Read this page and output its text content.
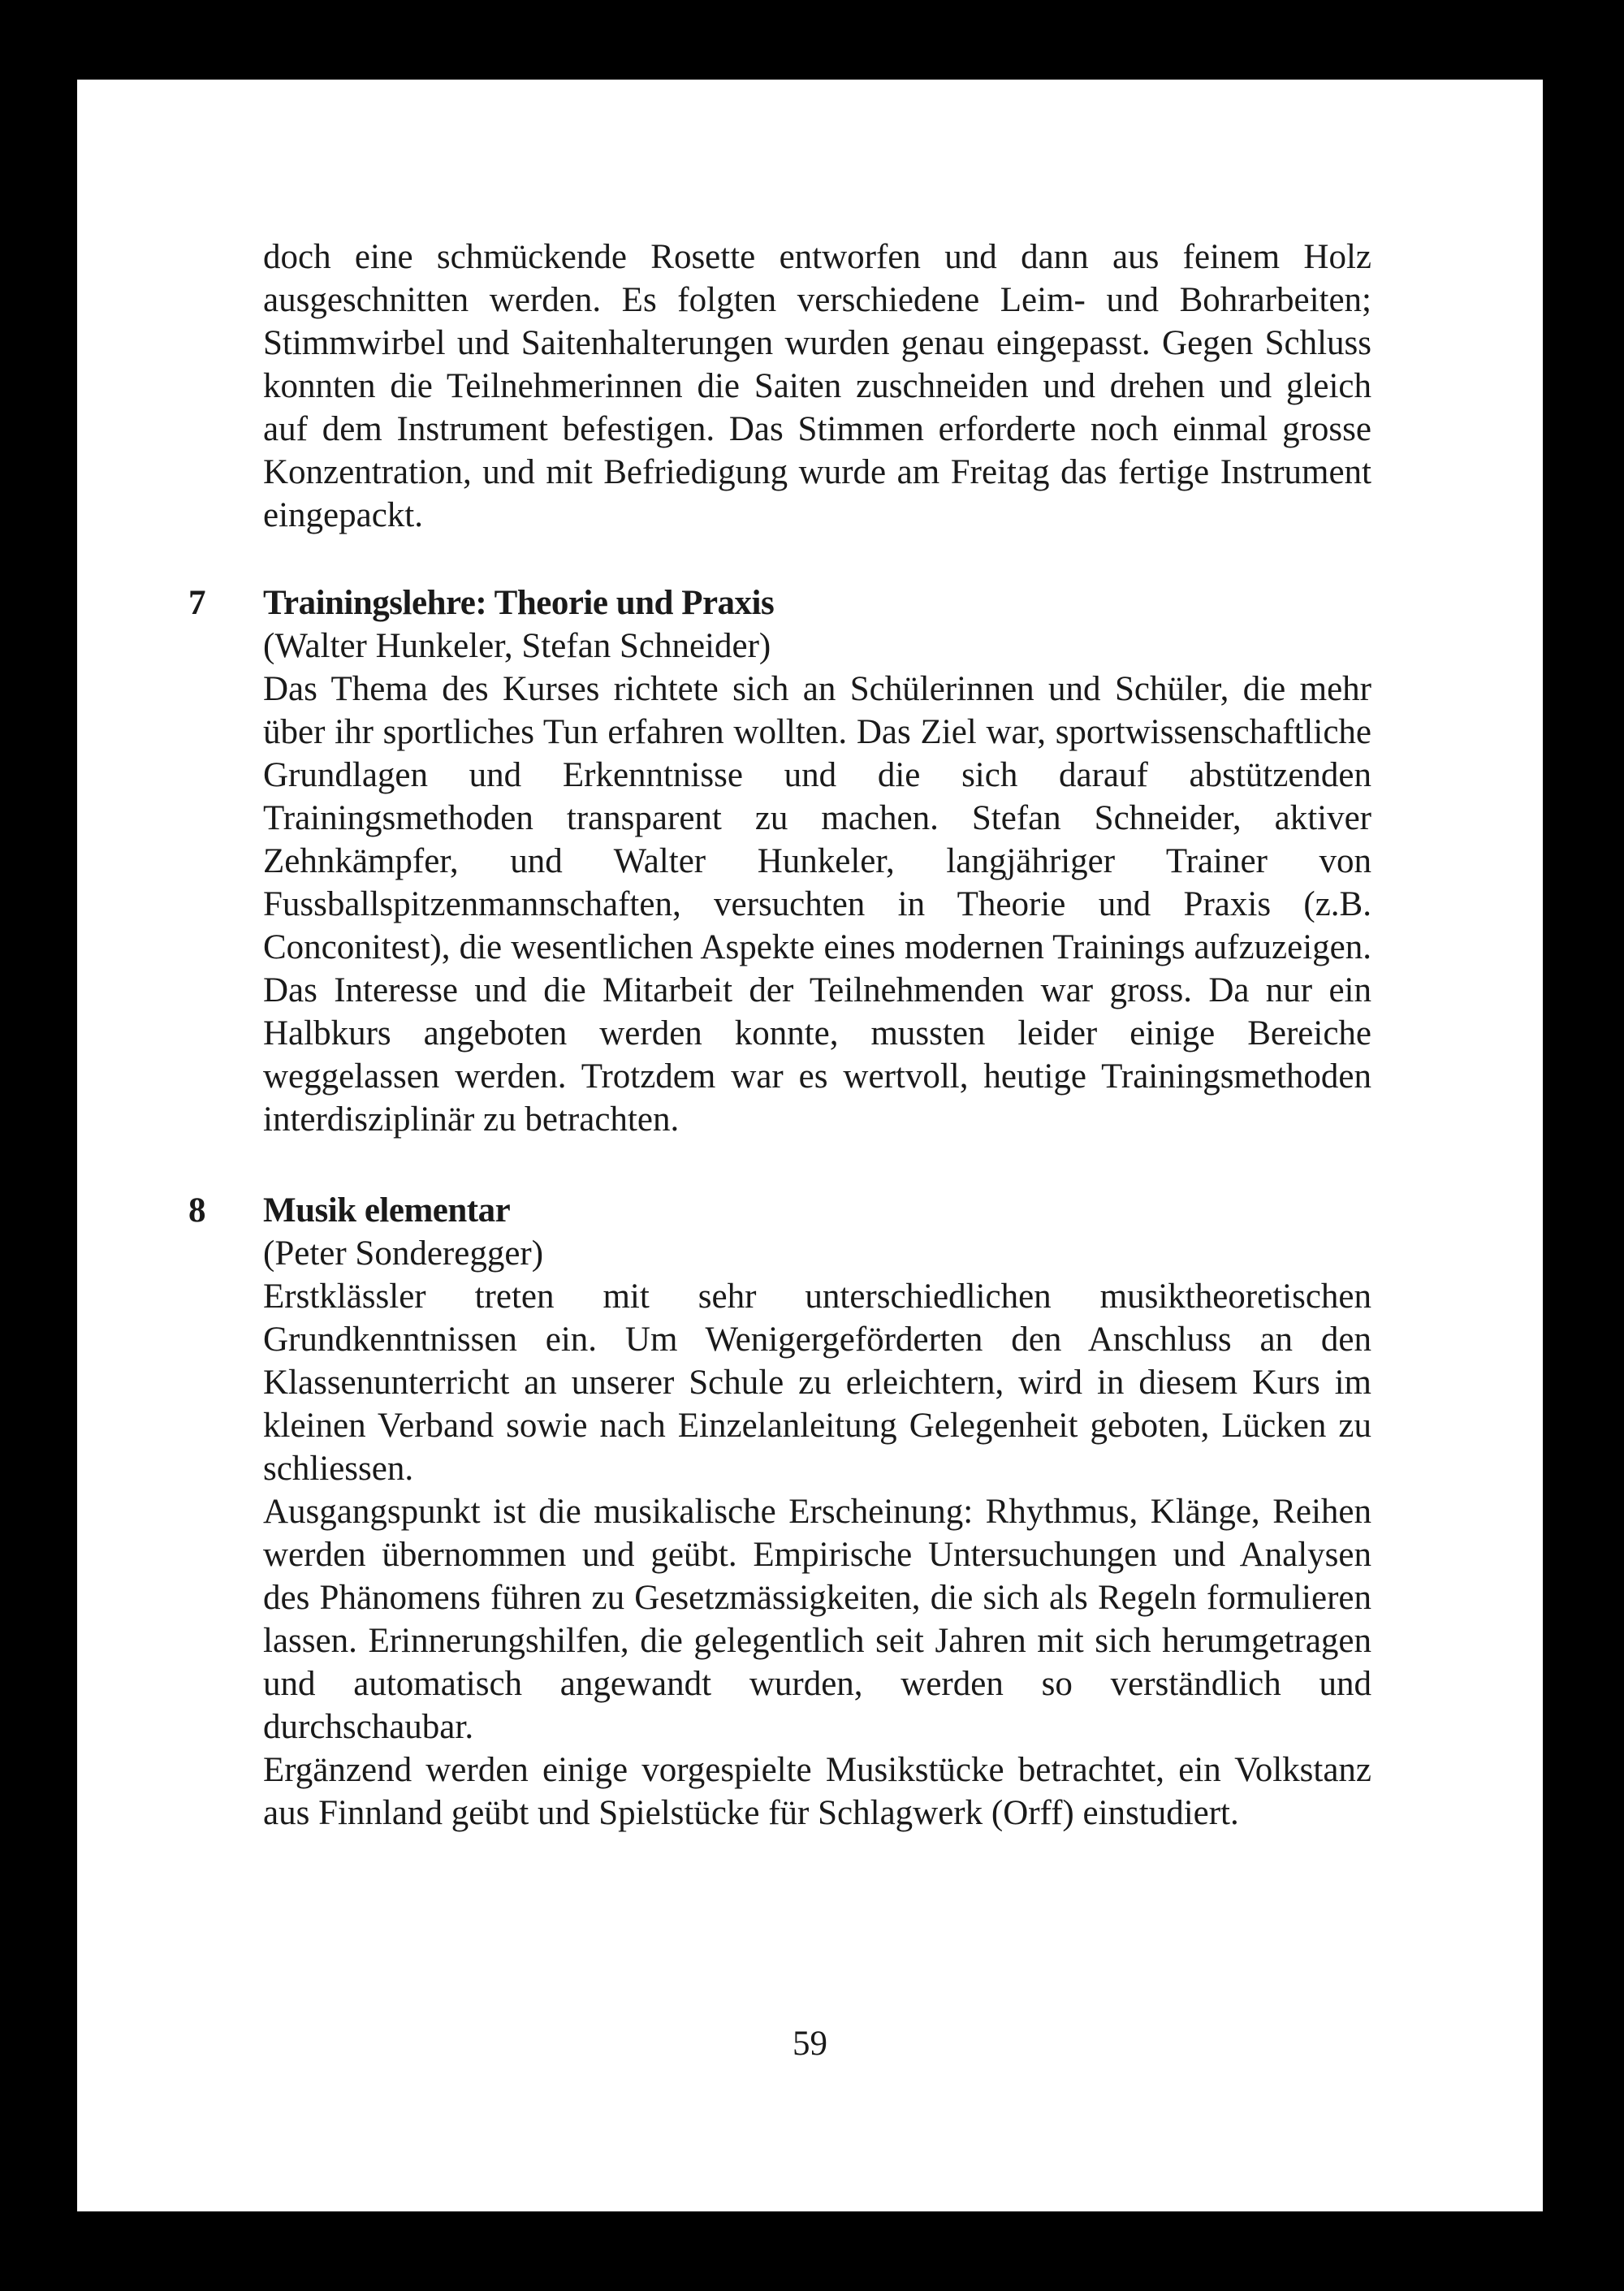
doch eine schmückende Rosette entworfen und dann aus feinem Holz ausgeschnitten werden. Es folgten verschiedene Leim- und Bohrarbeiten; Stimmwirbel und Saitenhalterungen wurden genau eingepasst. Gegen Schluss konnten die Teilnehmerinnen die Saiten zuschneiden und drehen und gleich auf dem Instrument befestigen. Das Stimmen erforderte noch einmal grosse Konzentration, und mit Befriedigung wurde am Freitag das fertige Instrument eingepackt.

7 Trainingslehre: Theorie und Praxis

(Walter Hunkeler, Stefan Schneider)

Das Thema des Kurses richtete sich an Schülerinnen und Schüler, die mehr über ihr sportliches Tun erfahren wollten. Das Ziel war, sportwissenschaftliche Grundlagen und Erkenntnisse und die sich darauf abstützenden Trainingsmethoden transparent zu machen. Stefan Schneider, aktiver Zehnkämpfer, und Walter Hunkeler, langjähriger Trainer von Fussballspitzenmannschaften, versuchten in Theorie und Praxis (z.B. Conconitest), die wesentlichen Aspekte eines modernen Trainings aufzuzeigen. Das Interesse und die Mitarbeit der Teilnehmenden war gross. Da nur ein Halbkurs angeboten werden konnte, mussten leider einige Bereiche weggelassen werden. Trotzdem war es wertvoll, heutige Trainingsmethoden interdisziplinär zu betrachten.

8 Musik elementar

(Peter Sonderegger)

Erstklässler treten mit sehr unterschiedlichen musiktheoretischen Grundkenntnissen ein. Um Wenigergeförderten den Anschluss an den Klassenunterricht an unserer Schule zu erleichtern, wird in diesem Kurs im kleinen Verband sowie nach Einzelanleitung Gelegenheit geboten, Lücken zu schliessen.

Ausgangspunkt ist die musikalische Erscheinung: Rhythmus, Klänge, Reihen werden übernommen und geübt. Empirische Untersuchungen und Analysen des Phänomens führen zu Gesetzmässigkeiten, die sich als Regeln formulieren lassen. Erinnerungshilfen, die gelegentlich seit Jahren mit sich herumgetragen und automatisch angewandt wurden, werden so verständlich und durchschaubar.

Ergänzend werden einige vorgespielte Musikstücke betrachtet, ein Volkstanz aus Finnland geübt und Spielstücke für Schlagwerk (Orff) einstudiert.

59
